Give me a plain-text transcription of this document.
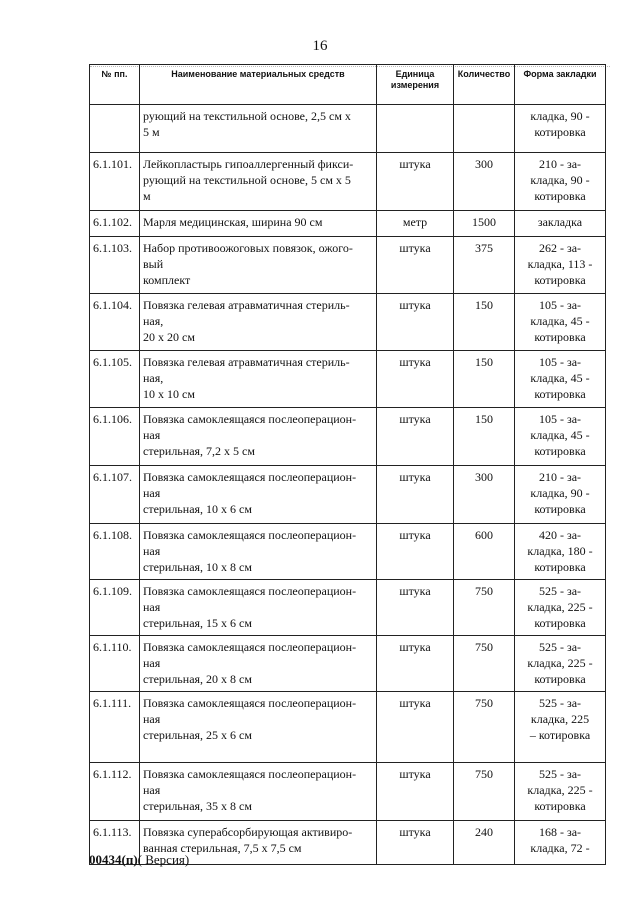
16
№ пп.	Наименование материальных средств	Единица измерения	Количество	Форма закладки
	рующий на текстильной основе, 2,5 см х
5 м			кладка, 90 -
котировка
6.1.101.	Лейкопластырь гипоаллергенный фикси-
рующий на текстильной основе, 5 см х 5
м	штука	300	210 - за-
кладка, 90 -
котировка
6.1.102.	Марля медицинская, ширина 90 см	метр	1500	закладка
6.1.103.	Набор противоожоговых повязок, ожого-
вый
комплект	штука	375	262 - за-
кладка, 113 -
котировка
6.1.104.	Повязка гелевая атравматичная стериль-
ная,
20 х 20 см	штука	150	105 - за-
кладка, 45 -
котировка
6.1.105.	Повязка гелевая атравматичная стериль-
ная,
10 х 10 см	штука	150	105 - за-
кладка, 45 -
котировка
6.1.106.	Повязка самоклеящаяся послеоперацион-
ная
стерильная, 7,2 х 5 см	штука	150	105 - за-
кладка, 45 -
котировка
6.1.107.	Повязка самоклеящаяся послеоперацион-
ная
стерильная, 10 х 6 см	штука	300	210 - за-
кладка, 90 -
котировка
6.1.108.	Повязка самоклеящаяся послеоперацион-
ная
стерильная, 10 х 8 см	штука	600	420 - за-
кладка, 180 -
котировка
6.1.109.	Повязка самоклеящаяся послеоперацион-
ная
стерильная, 15 х 6 см	штука	750	525 - за-
кладка, 225 -
котировка
6.1.110.	Повязка самоклеящаяся послеоперацион-
ная
стерильная, 20 х 8 см	штука	750	525 - за-
кладка, 225 -
котировка
6.1.111.	Повязка самоклеящаяся послеоперацион-
ная
стерильная, 25 х 6 см	штука	750	525 - за-
кладка, 225
– котировка
6.1.112.	Повязка самоклеящаяся послеоперацион-
ная
стерильная, 35 х 8 см	штука	750	525 - за-
кладка, 225 -
котировка
6.1.113.	Повязка суперабсорбирующая активиро-
ванная стерильная, 7,5 х 7,5 см	штука	240	168 - за-
кладка, 72 -
00434(п)( Версия)
